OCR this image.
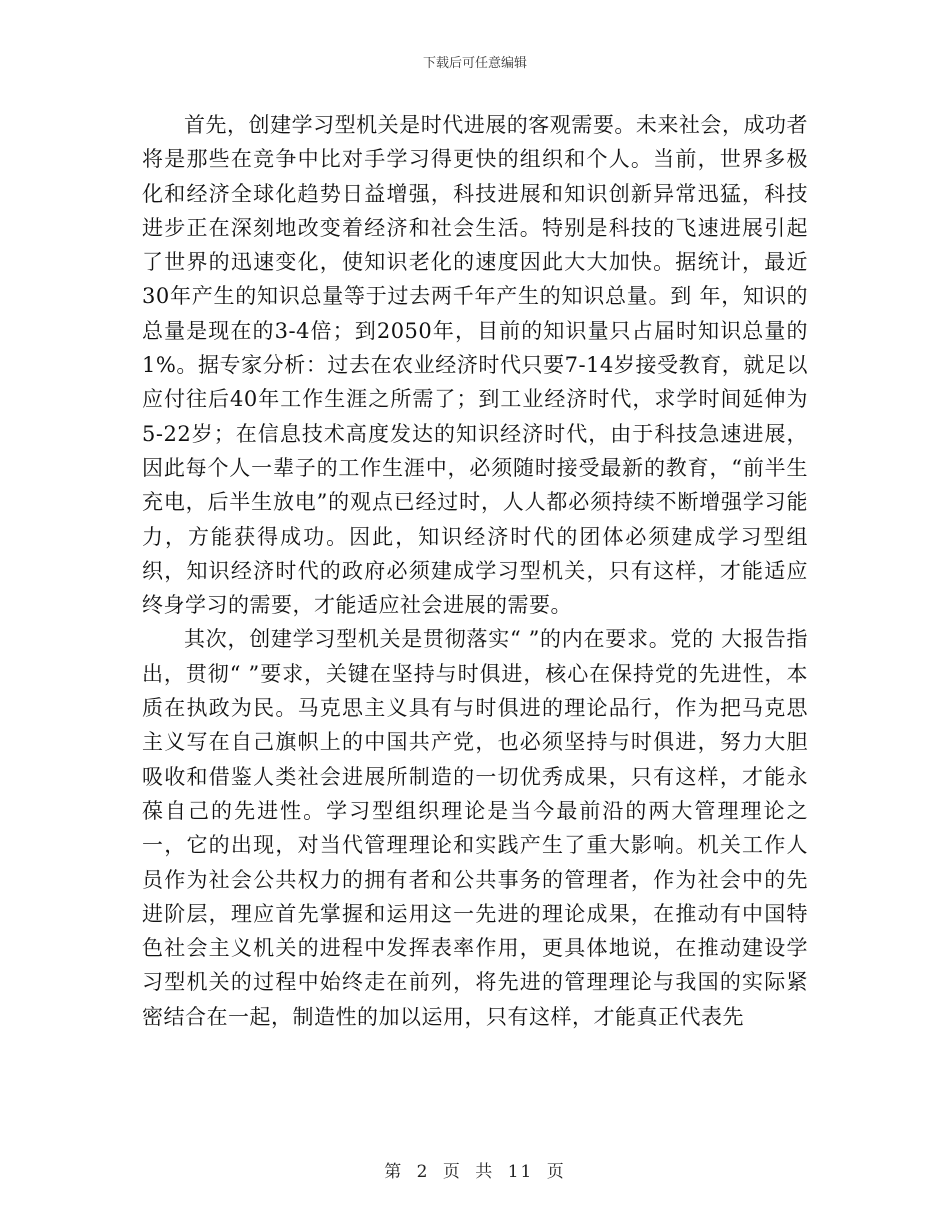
下载后可任意编辑

首先，创建学习型机关是时代进展的客观需要。未来社会，成功者将是那些在竞争中比对手学习得更快的组织和个人。当前，世界多极化和经济全球化趋势日益增强，科技进展和知识创新异常迅猛，科技进步正在深刻地改变着经济和社会生活。特别是科技的飞速进展引起了世界的迅速变化，使知识老化的速度因此大大加快。据统计，最近30年产生的知识总量等于过去两千年产生的知识总量。到 年，知识的总量是现在的3-4倍；到2050年，目前的知识量只占届时知识总量的1%。据专家分析：过去在农业经济时代只要7-14岁接受教育，就足以应付往后40年工作生涯之所需了；到工业经济时代，求学时间延伸为5-22岁；在信息技术高度发达的知识经济时代，由于科技急速进展，因此每个人一辈子的工作生涯中，必须随时接受最新的教育，“前半生充电，后半生放电”的观点已经过时，人人都必须持续不断增强学习能力，方能获得成功。因此，知识经济时代的团体必须建成学习型组织，知识经济时代的政府必须建成学习型机关，只有这样，才能适应终身学习的需要，才能适应社会进展的需要。

其次，创建学习型机关是贯彻落实“ ”的内在要求。党的 大报告指出，贯彻“ ”要求，关键在坚持与时俱进，核心在保持党的先进性，本质在执政为民。马克思主义具有与时俱进的理论品行，作为把马克思主义写在自己旗帜上的中国共产党，也必须坚持与时俱进，努力大胆吸收和借鉴人类社会进展所制造的一切优秀成果，只有这样，才能永葆自己的先进性。学习型组织理论是当今最前沿的两大管理理论之一，它的出现，对当代管理理论和实践产生了重大影响。机关工作人员作为社会公共权力的拥有者和公共事务的管理者，作为社会中的先进阶层，理应首先掌握和运用这一先进的理论成果，在推动有中国特色社会主义机关的进程中发挥表率作用，更具体地说，在推动建设学习型机关的过程中始终走在前列，将先进的管理理论与我国的实际紧密结合在一起，制造性的加以运用，只有这样，才能真正代表先

第 2 页 共 11 页
